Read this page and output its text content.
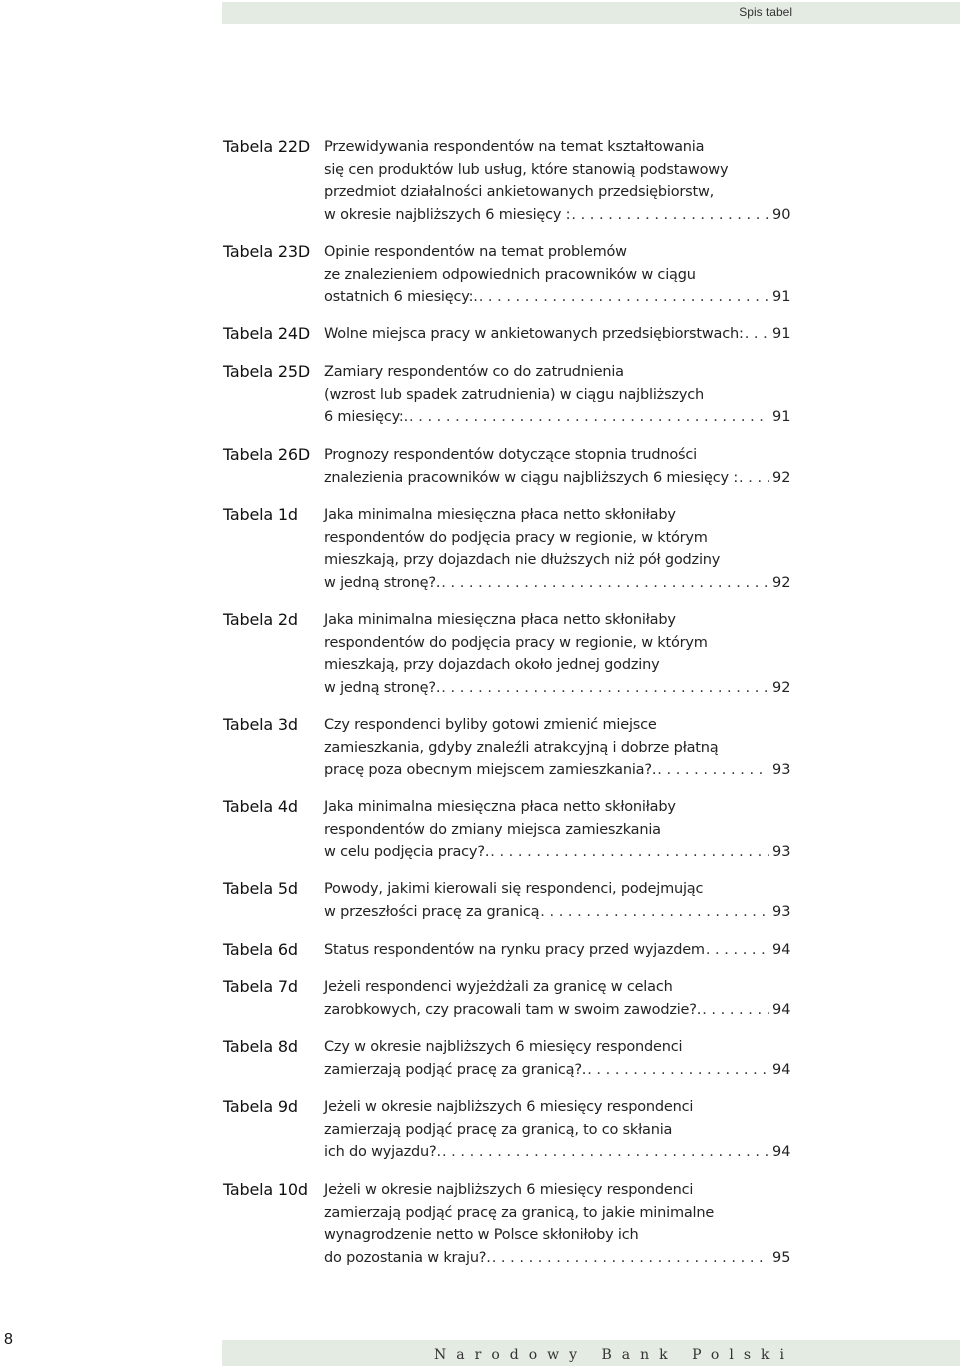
Spis tabel
Tabela 22D Przewidywania respondentów na temat kształtowania
się cen produktów lub usług, które stanowią podstawowy
przedmiot działalności ankietowanych przedsiębiorstw,
w okresie najbliższych 6 miesięcy : . . .	90
Tabela 23D Opinie respondentów na temat problemów
ze znalezieniem odpowiednich pracowników w ciągu
ostatnich 6 miesięcy:. . . .	91
Tabela 24D Wolne miejsca pracy w ankietowanych przedsiębiorstwach: . . . 91
Tabela 25D Zamiary respondentów co do zatrudnienia
(wzrost lub spadek zatrudnienia) w ciągu najbliższych
6 miesięcy:. . . .	91
Tabela 26D Prognozy respondentów dotyczące stopnia trudności
znalezienia pracowników w ciągu najbliższych 6 miesięcy : . . . 92
Tabela 1d Jaka minimalna miesięczna płaca netto skłoniłaby
respondentów do podjęcia pracy w regionie, w którym
mieszkają, przy dojazdach nie dłuższych niż pół godziny
w jedną stronę?. . . .	92
Tabela 2d Jaka minimalna miesięczna płaca netto skłoniłaby
respondentów do podjęcia pracy w regionie, w którym
mieszkają, przy dojazdach około jednej godziny
w jedną stronę?. . . .	92
Tabela 3d Czy respondenci byliby gotowi zmienić miejsce
zamieszkania, gdyby znaleźli atrakcyjną i dobrze płatną
pracę poza obecnym miejscem zamieszkania?. . . .	93
Tabela 4d Jaka minimalna miesięczna płaca netto skłoniłaby
respondentów do zmiany miejsca zamieszkania
w celu podjęcia pracy?. . . .	93
Tabela 5d Powody, jakimi kierowali się respondenci, podejmując
w przeszłości pracę za granicą . . .	93
Tabela 6d Status respondentów na rynku pracy przed wyjazdem . . .	94
Tabela 7d Jeżeli respondenci wyjeżdżali za granicę w celach
zarobkowych, czy pracowali tam w swoim zawodzie?. . . .	94
Tabela 8d Czy w okresie najbliższych 6 miesięcy respondenci
zamierzają podjąć pracę za granicą?. . . .	94
Tabela 9d Jeżeli w okresie najbliższych 6 miesięcy respondenci
zamierzają podjąć pracę za granicą, to co skłania
ich do wyjazdu?. . . .	94
Tabela 10d Jeżeli w okresie najbliższych 6 miesięcy respondenci
zamierzają podjąć pracę za granicą, to jakie minimalne
wynagrodzenie netto w Polsce skłoniłoby ich
do pozostania w kraju?. . . .	95
8
Narodowy Bank Polski
